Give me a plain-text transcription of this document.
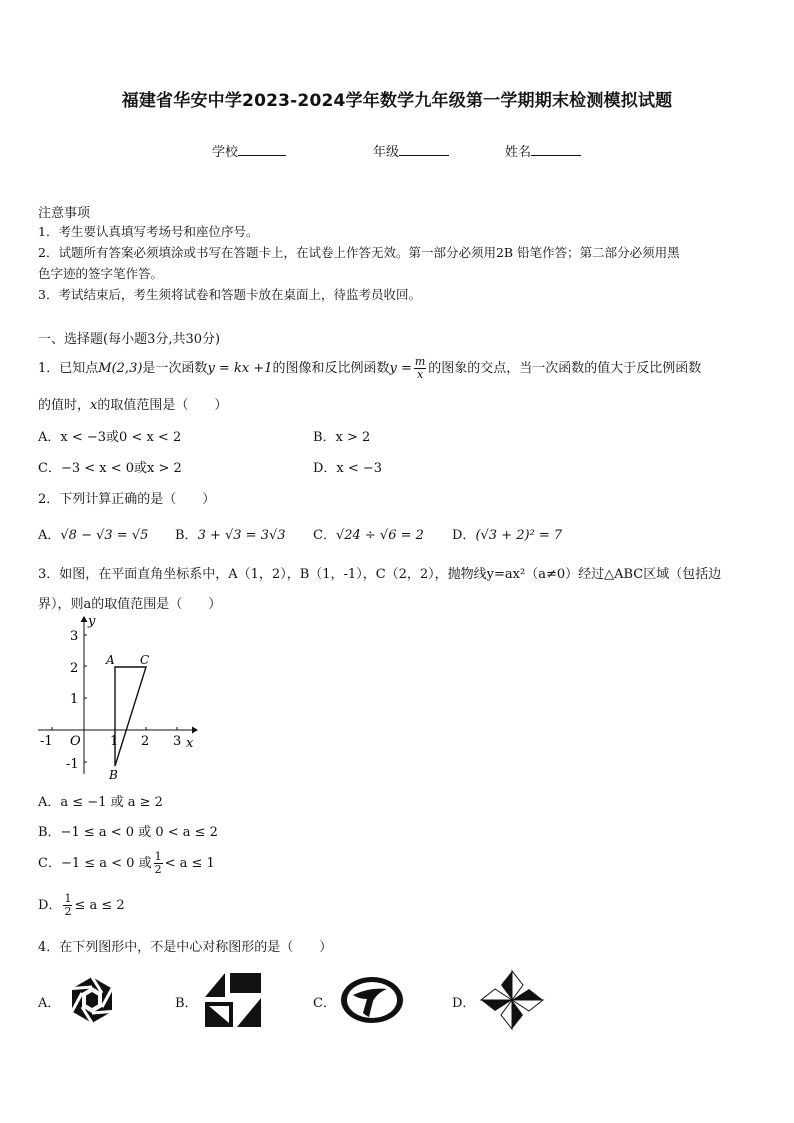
福建省华安中学2023-2024学年数学九年级第一学期期末检测模拟试题
学校	年级	姓名
注意事项
1．考生要认真填写考场号和座位序号。
2．试题所有答案必须填涂或书写在答题卡上，在试卷上作答无效。第一部分必须用2B 铅笔作答；第二部分必须用黑
色字迹的签字笔作答。
3．考试结束后，考生须将试卷和答题卡放在桌面上，待监考员收回。
一、选择题(每小题3分,共30分)
1．已知点M(2,3)是一次函数y = kx +1的图像和反比例函数$y = \frac{m}{x}$ 的图象的交点，当一次函数的值大于反比例函数
的值时，x的取值范围是（　　）
A．x < −3或0 < x < 2	B．x > 2
C．−3 < x < 0或x > 2	D．x < −3
2．下列计算正确的是（　　）
A．√8 − √3 = √5 B．3 + √3 = 3√3 C．√24 ÷ √6 = 2 D．(√3 + 2)² = 7
3．如图，在平面直角坐标系中，A（1，2），B（1，-1），C（2，2），抛物线y=ax²（a≠0）经过△ABC区域（包括边
界），则a的取值范围是（　　）
-1	1 2 3 x
3
2
1
-1
y
O
A
B
C
A．a ≤ −1 或 a ≥ 2
B．−1 ≤ a < 0 或 0 < a ≤ 2
C．−1 ≤ a < 0 或 $\frac{1}{2} < a \le 1$
D． $\frac{1}{2} \le a \le 2$
4．在下列图形中，不是中心对称图形的是（　　）
A．	B．	C．	D．
